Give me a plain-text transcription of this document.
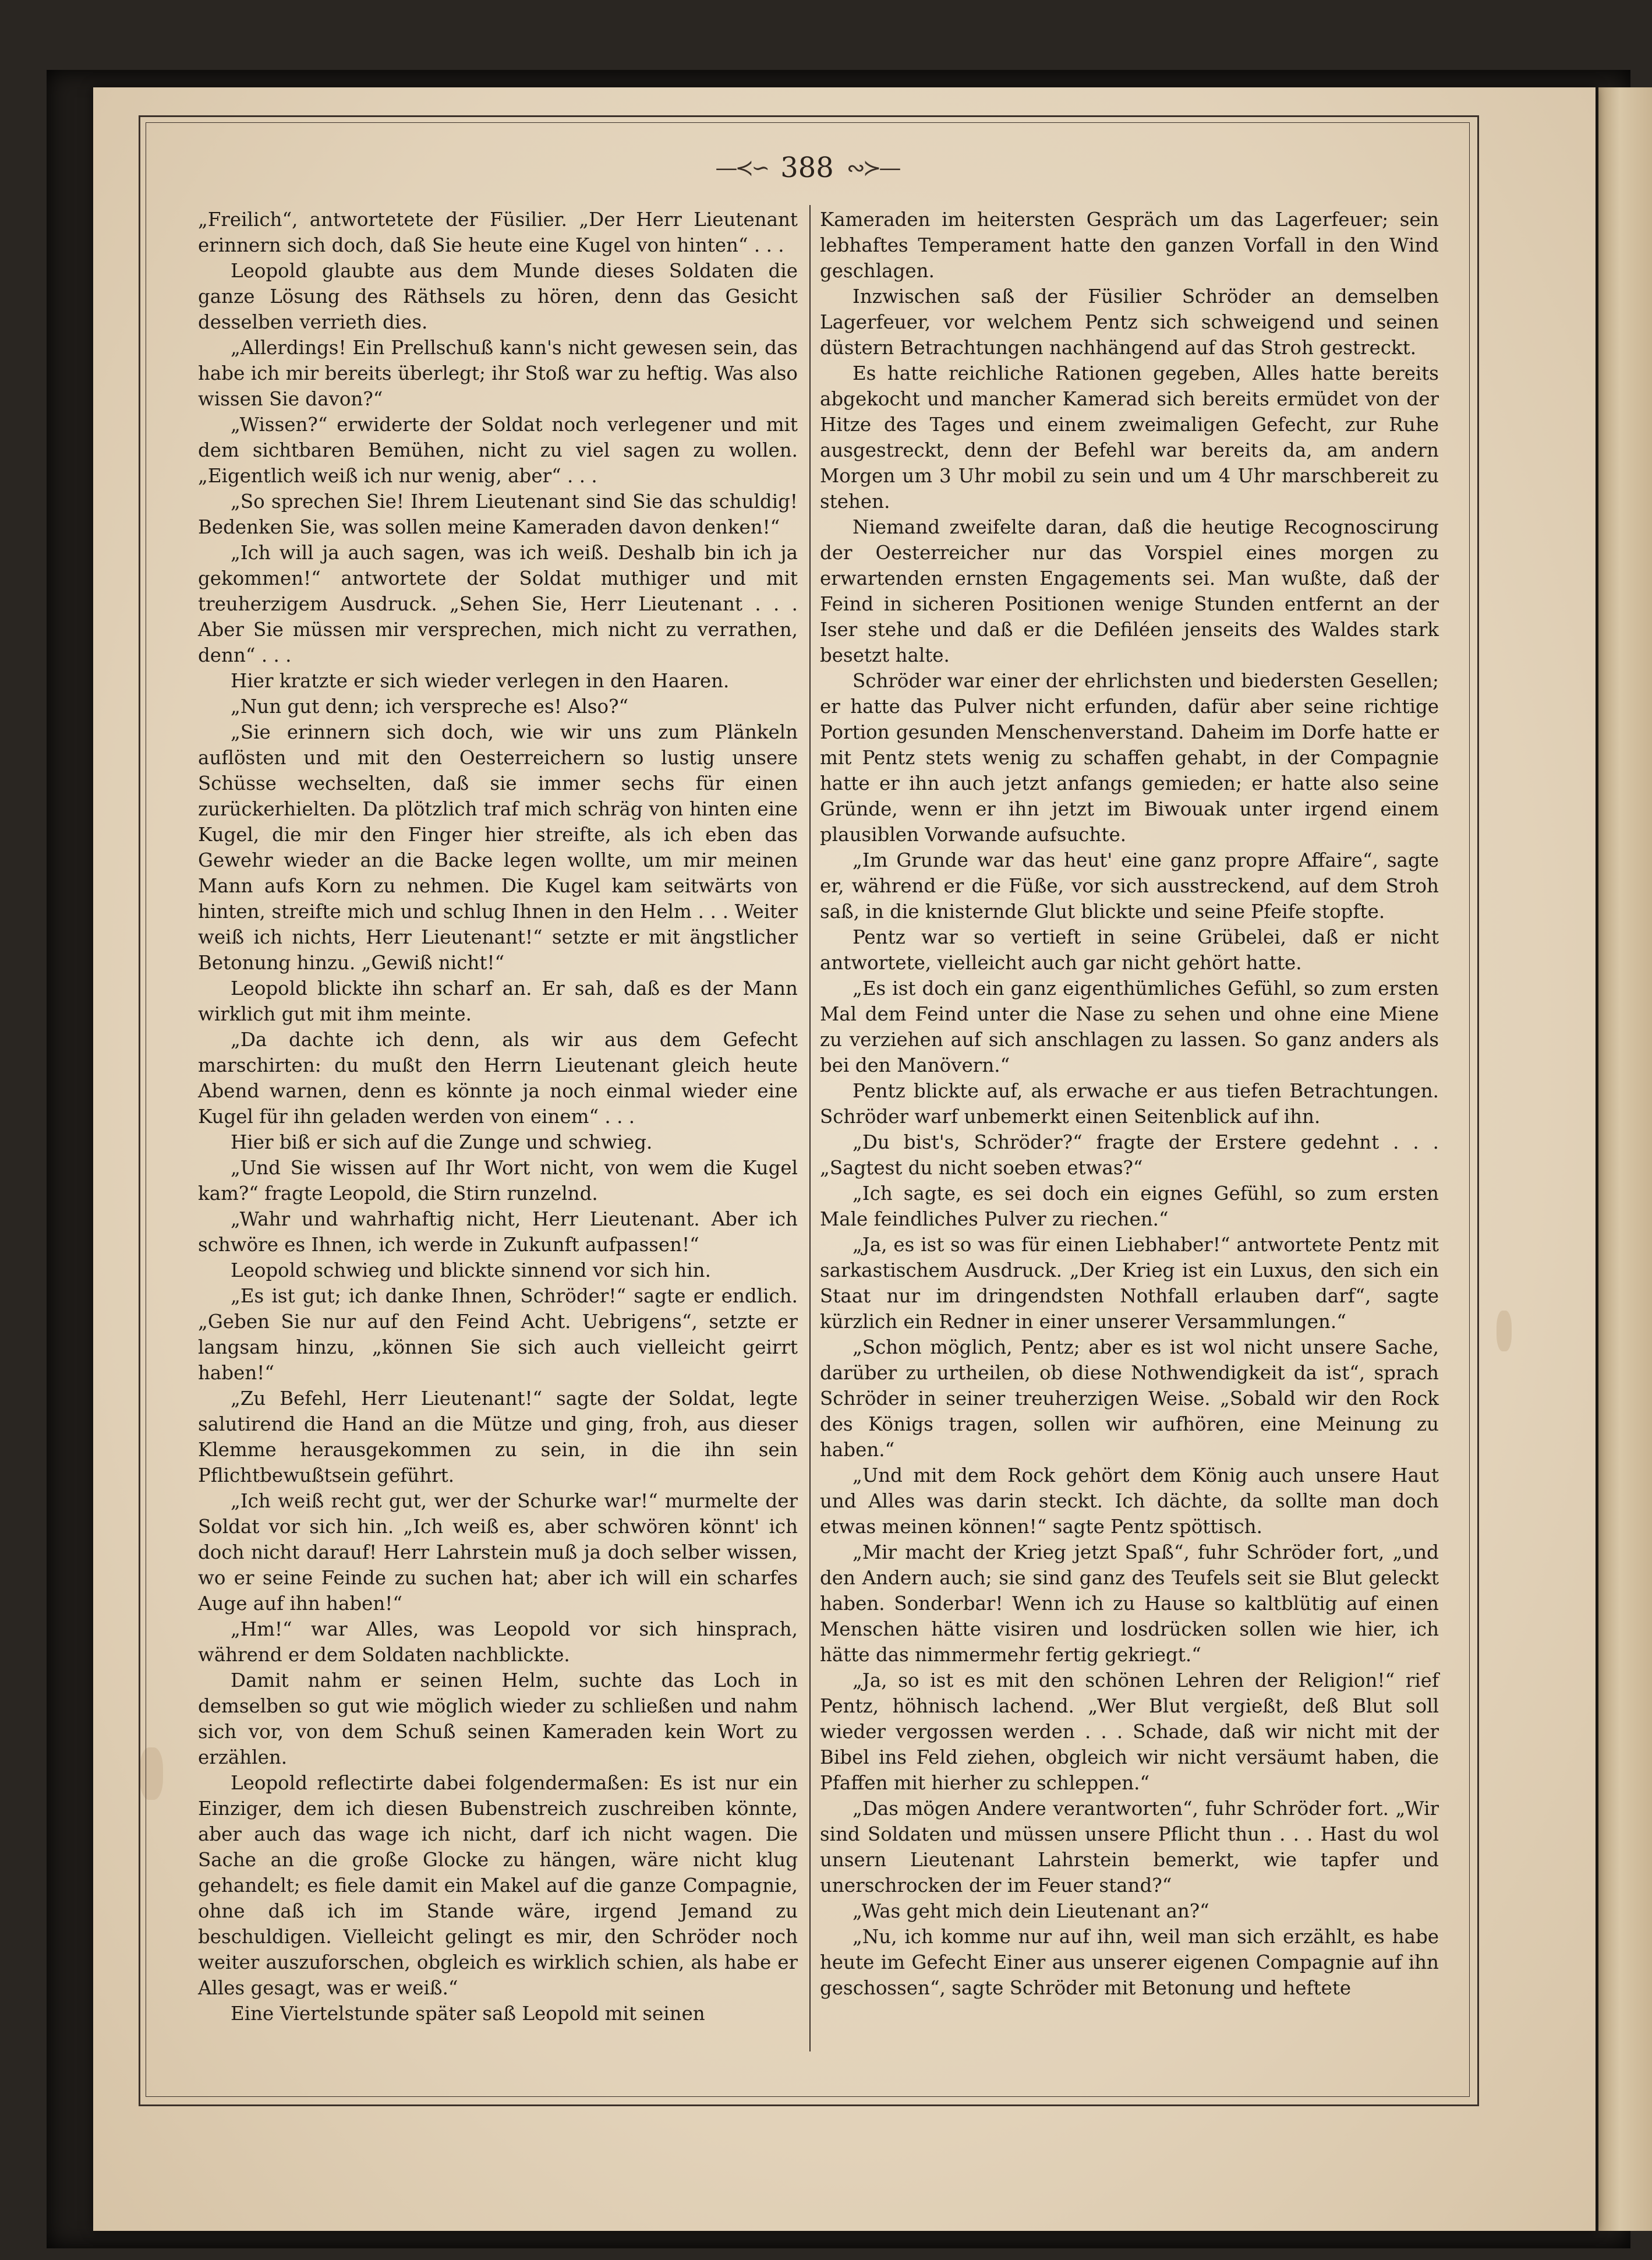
—≺∽ 388 ∾≻—

„Freilich“, antwortetete der Füsilier. „Der Herr Lieutenant erinnern sich doch, daß Sie heute eine Kugel von hinten“ . . .

Leopold glaubte aus dem Munde dieses Soldaten die ganze Lösung des Räthsels zu hören, denn das Gesicht desselben verrieth dies.

„Allerdings! Ein Prellschuß kann's nicht gewesen sein, das habe ich mir bereits überlegt; ihr Stoß war zu heftig. Was also wissen Sie davon?“

„Wissen?“ erwiderte der Soldat noch verlegener und mit dem sichtbaren Bemühen, nicht zu viel sagen zu wollen. „Eigentlich weiß ich nur wenig, aber“ . . .

„So sprechen Sie! Ihrem Lieutenant sind Sie das schuldig! Bedenken Sie, was sollen meine Kameraden davon denken!“

„Ich will ja auch sagen, was ich weiß. Deshalb bin ich ja gekommen!“ antwortete der Soldat muthiger und mit treuherzigem Ausdruck. „Sehen Sie, Herr Lieutenant . . . Aber Sie müssen mir versprechen, mich nicht zu verrathen, denn“ . . .

Hier kratzte er sich wieder verlegen in den Haaren.

„Nun gut denn; ich verspreche es! Also?“

„Sie erinnern sich doch, wie wir uns zum Plänkeln auflösten und mit den Oesterreichern so lustig unsere Schüsse wechselten, daß sie immer sechs für einen zurückerhielten. Da plötzlich traf mich schräg von hinten eine Kugel, die mir den Finger hier streifte, als ich eben das Gewehr wieder an die Backe legen wollte, um mir meinen Mann aufs Korn zu nehmen. Die Kugel kam seitwärts von hinten, streifte mich und schlug Ihnen in den Helm . . . Weiter weiß ich nichts, Herr Lieutenant!“ setzte er mit ängstlicher Betonung hinzu. „Gewiß nicht!“

Leopold blickte ihn scharf an. Er sah, daß es der Mann wirklich gut mit ihm meinte.

„Da dachte ich denn, als wir aus dem Gefecht marschirten: du mußt den Herrn Lieutenant gleich heute Abend warnen, denn es könnte ja noch einmal wieder eine Kugel für ihn geladen werden von einem“ . . .

Hier biß er sich auf die Zunge und schwieg.

„Und Sie wissen auf Ihr Wort nicht, von wem die Kugel kam?“ fragte Leopold, die Stirn runzelnd.

„Wahr und wahrhaftig nicht, Herr Lieutenant. Aber ich schwöre es Ihnen, ich werde in Zukunft aufpassen!“

Leopold schwieg und blickte sinnend vor sich hin.

„Es ist gut; ich danke Ihnen, Schröder!“ sagte er endlich. „Geben Sie nur auf den Feind Acht. Uebrigens“, setzte er langsam hinzu, „können Sie sich auch vielleicht geirrt haben!“

„Zu Befehl, Herr Lieutenant!“ sagte der Soldat, legte salutirend die Hand an die Mütze und ging, froh, aus dieser Klemme herausgekommen zu sein, in die ihn sein Pflichtbewußtsein geführt.

„Ich weiß recht gut, wer der Schurke war!“ murmelte der Soldat vor sich hin. „Ich weiß es, aber schwören könnt' ich doch nicht darauf! Herr Lahrstein muß ja doch selber wissen, wo er seine Feinde zu suchen hat; aber ich will ein scharfes Auge auf ihn haben!“

„Hm!“ war Alles, was Leopold vor sich hinsprach, während er dem Soldaten nachblickte.

Damit nahm er seinen Helm, suchte das Loch in demselben so gut wie möglich wieder zu schließen und nahm sich vor, von dem Schuß seinen Kameraden kein Wort zu erzählen.

Leopold reflectirte dabei folgendermaßen: Es ist nur ein Einziger, dem ich diesen Bubenstreich zuschreiben könnte, aber auch das wage ich nicht, darf ich nicht wagen. Die Sache an die große Glocke zu hängen, wäre nicht klug gehandelt; es fiele damit ein Makel auf die ganze Compagnie, ohne daß ich im Stande wäre, irgend Jemand zu beschuldigen. Vielleicht gelingt es mir, den Schröder noch weiter auszuforschen, obgleich es wirklich schien, als habe er Alles gesagt, was er weiß.“

Eine Viertelstunde später saß Leopold mit seinen

Kameraden im heitersten Gespräch um das Lagerfeuer; sein lebhaftes Temperament hatte den ganzen Vorfall in den Wind geschlagen.

Inzwischen saß der Füsilier Schröder an demselben Lagerfeuer, vor welchem Pentz sich schweigend und seinen düstern Betrachtungen nachhängend auf das Stroh gestreckt.

Es hatte reichliche Rationen gegeben, Alles hatte bereits abgekocht und mancher Kamerad sich bereits ermüdet von der Hitze des Tages und einem zweimaligen Gefecht, zur Ruhe ausgestreckt, denn der Befehl war bereits da, am andern Morgen um 3 Uhr mobil zu sein und um 4 Uhr marschbereit zu stehen.

Niemand zweifelte daran, daß die heutige Recognoscirung der Oesterreicher nur das Vorspiel eines morgen zu erwartenden ernsten Engagements sei. Man wußte, daß der Feind in sicheren Positionen wenige Stunden entfernt an der Iser stehe und daß er die Defiléen jenseits des Waldes stark besetzt halte.

Schröder war einer der ehrlichsten und biedersten Gesellen; er hatte das Pulver nicht erfunden, dafür aber seine richtige Portion gesunden Menschenverstand. Daheim im Dorfe hatte er mit Pentz stets wenig zu schaffen gehabt, in der Compagnie hatte er ihn auch jetzt anfangs gemieden; er hatte also seine Gründe, wenn er ihn jetzt im Biwouak unter irgend einem plausiblen Vorwande aufsuchte.

„Im Grunde war das heut' eine ganz propre Affaire“, sagte er, während er die Füße, vor sich ausstreckend, auf dem Stroh saß, in die knisternde Glut blickte und seine Pfeife stopfte.

Pentz war so vertieft in seine Grübelei, daß er nicht antwortete, vielleicht auch gar nicht gehört hatte.

„Es ist doch ein ganz eigenthümliches Gefühl, so zum ersten Mal dem Feind unter die Nase zu sehen und ohne eine Miene zu verziehen auf sich anschlagen zu lassen. So ganz anders als bei den Manövern.“

Pentz blickte auf, als erwache er aus tiefen Betrachtungen. Schröder warf unbemerkt einen Seitenblick auf ihn.

„Du bist's, Schröder?“ fragte der Erstere gedehnt . . . „Sagtest du nicht soeben etwas?“

„Ich sagte, es sei doch ein eignes Gefühl, so zum ersten Male feindliches Pulver zu riechen.“

„Ja, es ist so was für einen Liebhaber!“ antwortete Pentz mit sarkastischem Ausdruck. „Der Krieg ist ein Luxus, den sich ein Staat nur im dringendsten Nothfall erlauben darf“, sagte kürzlich ein Redner in einer unserer Versammlungen.“

„Schon möglich, Pentz; aber es ist wol nicht unsere Sache, darüber zu urtheilen, ob diese Nothwendigkeit da ist“, sprach Schröder in seiner treuherzigen Weise. „Sobald wir den Rock des Königs tragen, sollen wir aufhören, eine Meinung zu haben.“

„Und mit dem Rock gehört dem König auch unsere Haut und Alles was darin steckt. Ich dächte, da sollte man doch etwas meinen können!“ sagte Pentz spöttisch.

„Mir macht der Krieg jetzt Spaß“, fuhr Schröder fort, „und den Andern auch; sie sind ganz des Teufels seit sie Blut geleckt haben. Sonderbar! Wenn ich zu Hause so kaltblütig auf einen Menschen hätte visiren und losdrücken sollen wie hier, ich hätte das nimmermehr fertig gekriegt.“

„Ja, so ist es mit den schönen Lehren der Religion!“ rief Pentz, höhnisch lachend. „Wer Blut vergießt, deß Blut soll wieder vergossen werden . . . Schade, daß wir nicht mit der Bibel ins Feld ziehen, obgleich wir nicht versäumt haben, die Pfaffen mit hierher zu schleppen.“

„Das mögen Andere verantworten“, fuhr Schröder fort. „Wir sind Soldaten und müssen unsere Pflicht thun . . . Hast du wol unsern Lieutenant Lahrstein bemerkt, wie tapfer und unerschrocken der im Feuer stand?“

„Was geht mich dein Lieutenant an?“

„Nu, ich komme nur auf ihn, weil man sich erzählt, es habe heute im Gefecht Einer aus unserer eigenen Compagnie auf ihn geschossen“, sagte Schröder mit Betonung und heftete
